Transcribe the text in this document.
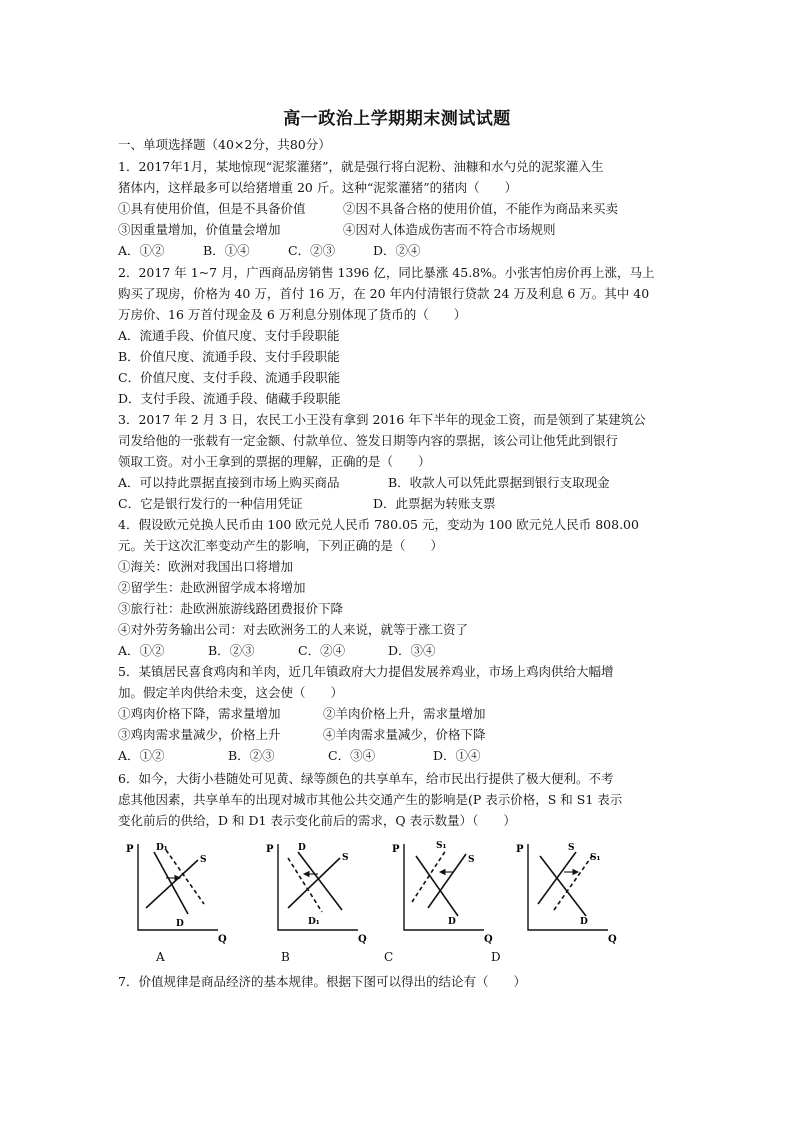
高一政治上学期期末测试试题
一、单项选择题（40×2分，共80分）
1．2017年1月，某地惊现“泥浆灌猪”，就是强行将白泥粉、油糠和水勺兑的泥浆灌入生
猪体内，这样最多可以给猪增重 20 斤。这种“泥浆灌猪”的猪肉（　　）
①具有使用价值，但是不具备价值	②因不具备合格的使用价值，不能作为商品来买卖
③因重量增加，价值量会增加	④因对人体造成伤害而不符合市场规则
A．①②	B．①④	C．②③	D．②④
2．2017 年 1~7 月，广西商品房销售 1396 亿，同比暴涨 45.8%。小张害怕房价再上涨，马上
购买了现房，价格为 40 万，首付 16 万，在 20 年内付清银行贷款 24 万及利息 6 万。其中 40
万房价、16 万首付现金及 6 万利息分别体现了货币的（　　）
A．流通手段、价值尺度、支付手段职能
B．价值尺度、流通手段、支付手段职能
C．价值尺度、支付手段、流通手段职能
D．支付手段、流通手段、储藏手段职能
3．2017 年 2 月 3 日，农民工小王没有拿到 2016 年下半年的现金工资，而是领到了某建筑公
司发给他的一张载有一定金额、付款单位、签发日期等内容的票据，该公司让他凭此到银行
领取工资。对小王拿到的票据的理解，正确的是（　　）
A．可以持此票据直接到市场上购买商品	B．收款人可以凭此票据到银行支取现金
C．它是银行发行的一种信用凭证	D．此票据为转账支票
4．假设欧元兑换人民币由 100 欧元兑人民币 780.05 元，变动为 100 欧元兑人民币 808.00
元。关于这次汇率变动产生的影响，下列正确的是（　　）
①海关：欧洲对我国出口将增加
②留学生：赴欧洲留学成本将增加
③旅行社：赴欧洲旅游线路团费报价下降
④对外劳务输出公司：对去欧洲务工的人来说，就等于涨工资了
A．①②	B．②③	C．②④	D．③④
5．某镇居民喜食鸡肉和羊肉，近几年镇政府大力提倡发展养鸡业，市场上鸡肉供给大幅增
加。假定羊肉供给未变，这会使（　　）
①鸡肉价格下降，需求量增加	②羊肉价格上升，需求量增加
③鸡肉需求量减少，价格上升	④羊肉需求量减少，价格下降
A．①②	B．②③	C．③④	D．①④
6．如今，大街小巷随处可见黄、绿等颜色的共享单车，给市民出行提供了极大便利。不考
虑其他因素，共享单车的出现对城市其他公共交通产生的影响是(P 表示价格，S 和 S1 表示
变化前后的供给，D 和 D1 表示变化前后的需求，Q 表示数量）（　　）
P
Q
D₁
S
D
P
Q
D
S
D₁
P
Q
S₁
S
D
P
Q
S
S₁
D
A	B	C	D
7．价值规律是商品经济的基本规律。根据下图可以得出的结论有（　　）
